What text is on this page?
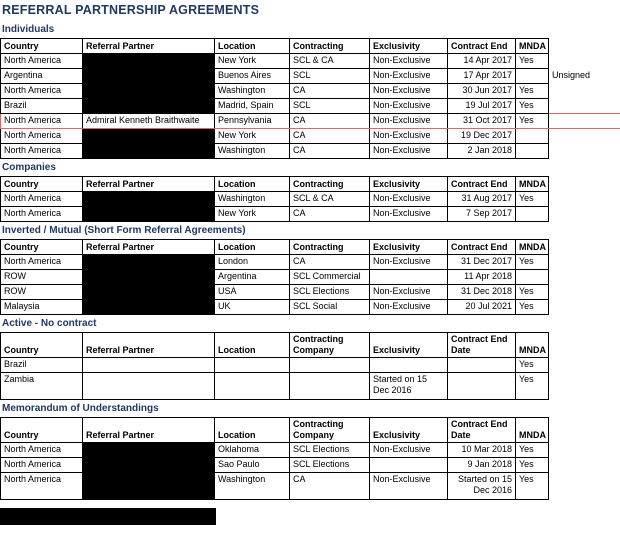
REFERRAL PARTNERSHIP AGREEMENTS
Individuals
Country	Referral Partner	Location	Contracting	Exclusivity	Contract End	MNDA	
North America		New York	SCL & CA	Non-Exclusive	14 Apr 2017	Yes	
Argentina		Buenos Aires	SCL	Non-Exclusive	17 Apr 2017		Unsigned
North America		Washington	CA	Non-Exclusive	30 Jun 2017	Yes	
Brazil		Madrid, Spain	SCL	Non-Exclusive	19 Jul 2017	Yes	
North America	Admiral Kenneth Braithwaite	Pennsylvania	CA	Non-Exclusive	31 Oct 2017	Yes	
North America		New York	CA	Non-Exclusive	19 Dec 2017		
North America		Washington	CA	Non-Exclusive	2 Jan 2018		
Companies
Country	Referral Partner	Location	Contracting	Exclusivity	Contract End	MNDA	
North America		Washington	SCL & CA	Non-Exclusive	31 Aug 2017	Yes	
North America		New York	CA	Non-Exclusive	7 Sep 2017		
Inverted / Mutual (Short Form Referral Agreements)
Country	Referral Partner	Location	Contracting	Exclusivity	Contract End	MNDA	
North America		London	CA	Non-Exclusive	31 Dec 2017	Yes	
ROW		Argentina	SCL Commercial		11 Apr 2018		
ROW		USA	SCL Elections	Non-Exclusive	31 Dec 2018	Yes	
Malaysia		UK	SCL Social	Non-Exclusive	20 Jul 2021	Yes	
Active - No contract
Country	Referral Partner	Location	Contracting Company	Exclusivity	Contract End Date	MNDA	
Brazil						Yes	
Zambia				Started on 15 Dec 2016		Yes	
Memorandum of Understandings
Country	Referral Partner	Location	Contracting Company	Exclusivity	Contract End Date	MNDA	
North America		Oklahoma	SCL Elections	Non-Exclusive	10 Mar 2018	Yes	
North America		Sao Paulo	SCL Elections		9 Jan 2018	Yes	
North America		Washington	CA	Non-Exclusive	Started on 15 Dec 2016	Yes	
